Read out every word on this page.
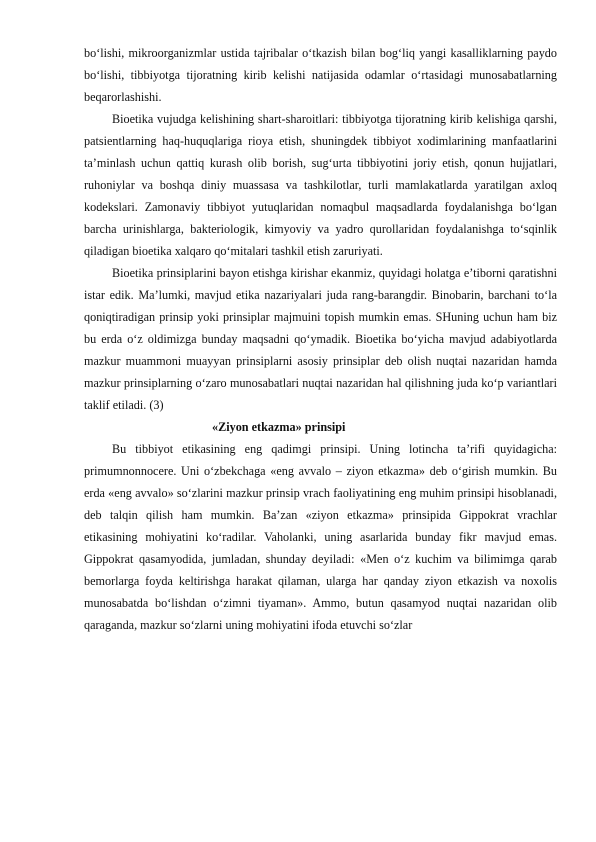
bo‘lishi, mikroorganizmlar ustida tajribalar o‘tkazish bilan bog‘liq yangi kasalliklarning paydo bo‘lishi, tibbiyotga tijoratning kirib kelishi natijasida odamlar o‘rtasidagi munosabatlarning beqarorlashishi.

Bioetika vujudga kelishining shart-sharoitlari: tibbiyotga tijoratning kirib kelishiga qarshi, patsientlarning haq-huquqlariga rioya etish, shuningdek tibbiyot xodimlarining manfaatlarini ta’minlash uchun qattiq kurash olib borish, sug‘urta tibbiyotini joriy etish, qonun hujjatlari, ruhoniylar va boshqa diniy muassasa va tashkilotlar, turli mamlakatlarda yaratilgan axloq kodekslari. Zamonaviy tibbiyot yutuqlaridan nomaqbul maqsadlarda foydalanishga bo‘lgan barcha urinishlarga, bakteriologik, kimyoviy va yadro qurollaridan foydalanishga to‘sqinlik qiladigan bioetika xalqaro qo‘mitalari tashkil etish zaruriyati.

Bioetika prinsiplarini bayon etishga kirishar ekanmiz, quyidagi holatga e’tiborni qaratishni istar edik. Ma’lumki, mavjud etika nazariyalari juda rang-barangdir. Binobarin, barchani to‘la qoniqtiradigan prinsip yoki prinsiplar majmuini topish mumkin emas. SHuning uchun ham biz bu erda o‘z oldimizga bunday maqsadni qo‘ymadik. Bioetika bo‘yicha mavjud adabiyotlarda mazkur muammoni muayyan prinsiplarni asosiy prinsiplar deb olish nuqtai nazaridan hamda mazkur prinsiplarning o‘zaro munosabatlari nuqtai nazaridan hal qilishning juda ko‘p variantlari taklif etiladi. (3)

«Ziyon etkazma» prinsipi

Bu tibbiyot etikasining eng qadimgi prinsipi. Uning lotincha ta’rifi quyidagicha: primumnonnocere. Uni o‘zbekchaga «eng avvalo – ziyon etkazma» deb o‘girish mumkin. Bu erda «eng avvalo» so‘zlarini mazkur prinsip vrach faoliyatining eng muhim prinsipi hisoblanadi, deb talqin qilish ham mumkin. Ba’zan «ziyon etkazma» prinsipida Gippokrat vrachlar etikasining mohiyatini ko‘radilar. Vaholanki, uning asarlarida bunday fikr mavjud emas. Gippokrat qasamyodida, jumladan, shunday deyiladi: «Men o‘z kuchim va bilimimga qarab bemorlarga foyda keltirishga harakat qilaman, ularga har qanday ziyon etkazish va noxolis munosabatda bo‘lishdan o‘zimni tiyaman». Ammo, butun qasamyod nuqtai nazaridan olib qaraganda, mazkur so‘zlarni uning mohiyatini ifoda etuvchi so‘zlar
